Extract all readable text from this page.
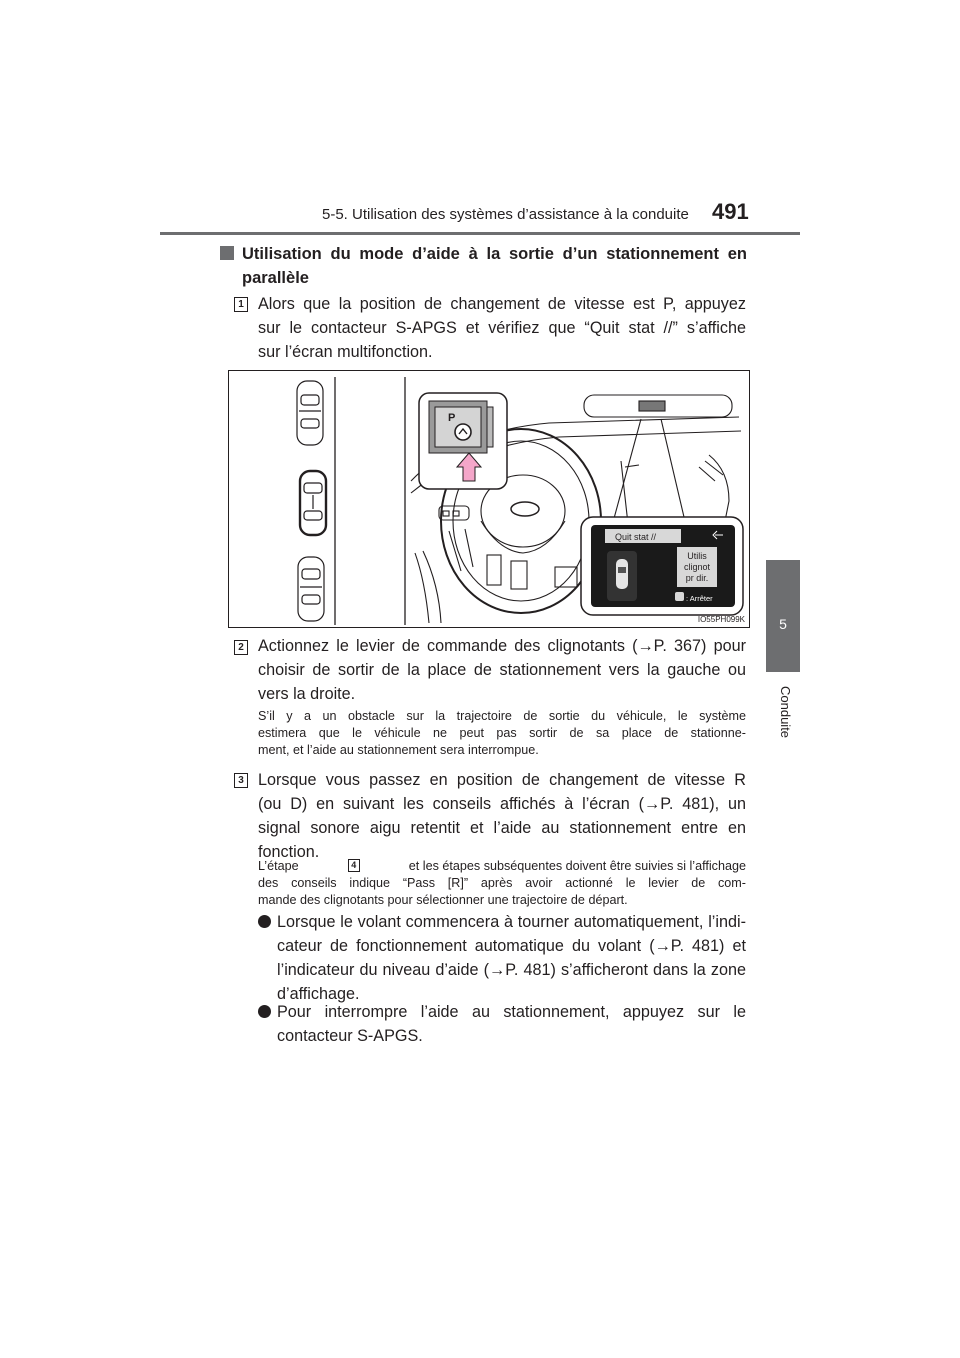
5-5. Utilisation des systèmes d’assistance à la conduite 491
5
Conduite
Utilisation du mode d’aide à la sortie d’un stationnement en
parallèle
1 Alors que la position de changement de vitesse est P, appuyez
sur le contacteur S-APGS et vérifiez que “Quit stat //” s’affiche
sur l’écran multifonction.
P
Quit stat //
Utilis
clignot
pr dir.
: Arrêter
IO55PH099K
2 Actionnez le levier de commande des clignotants (→P. 367) pour
choisir de sortir de la place de stationnement vers la gauche ou
vers la droite.
S’il y a un obstacle sur la trajectoire de sortie du véhicule, le système
estimera que le véhicule ne peut pas sortir de sa place de stationne-
ment, et l’aide au stationnement sera interrompue.
3 Lorsque vous passez en position de changement de vitesse R
(ou D) en suivant les conseils affichés à l’écran (→P. 481), un
signal sonore aigu retentit et l’aide au stationnement entre en
fonction.
L’étape	4	et les étapes subséquentes doivent être suivies si l’affichage
des conseils indique “Pass [R]” après avoir actionné le levier de com-
mande des clignotants pour sélectionner une trajectoire de départ.
Lorsque le volant commencera à tourner automatiquement, l’indi-
cateur de fonctionnement automatique du volant (→P. 481) et
l’indicateur du niveau d’aide (→P. 481) s’afficheront dans la zone
d’affichage.
Pour interrompre l’aide au stationnement, appuyez sur le
contacteur S-APGS.
